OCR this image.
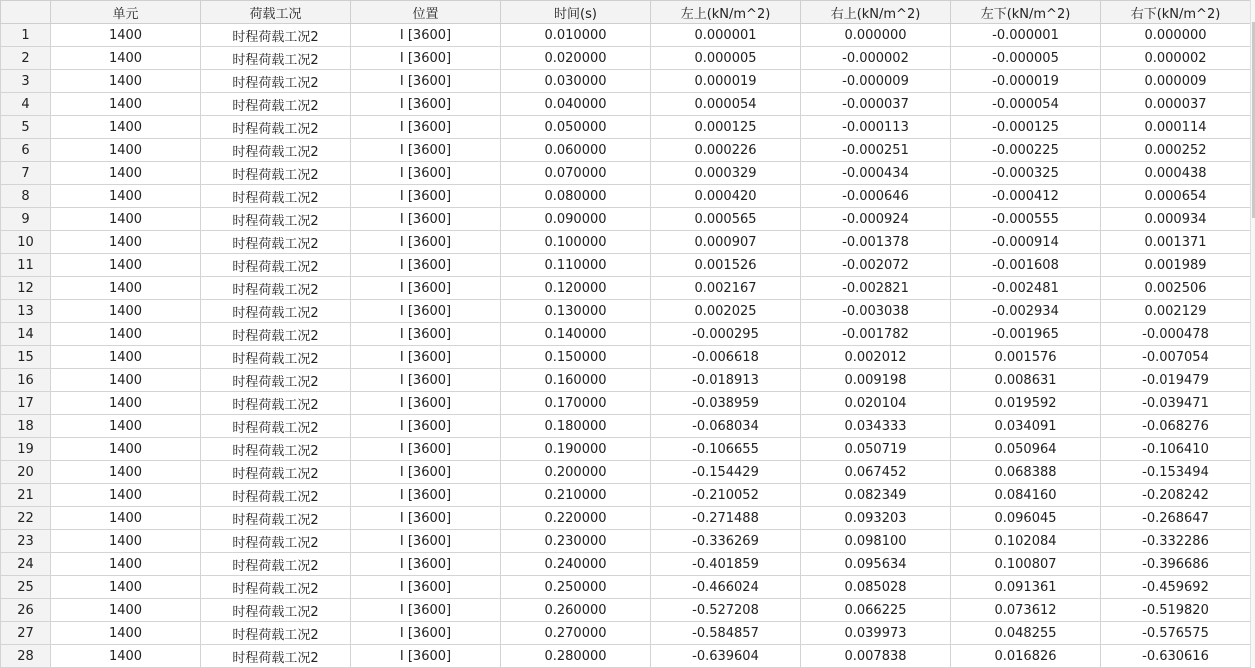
	单元	荷载工况	位置	时间(s)	左上(kN/m^2)	右上(kN/m^2)	左下(kN/m^2)	右下(kN/m^2)
1	1400	时程荷载工况2	I [3600]	0.010000	0.000001	0.000000	-0.000001	0.000000
2	1400	时程荷载工况2	I [3600]	0.020000	0.000005	-0.000002	-0.000005	0.000002
3	1400	时程荷载工况2	I [3600]	0.030000	0.000019	-0.000009	-0.000019	0.000009
4	1400	时程荷载工况2	I [3600]	0.040000	0.000054	-0.000037	-0.000054	0.000037
5	1400	时程荷载工况2	I [3600]	0.050000	0.000125	-0.000113	-0.000125	0.000114
6	1400	时程荷载工况2	I [3600]	0.060000	0.000226	-0.000251	-0.000225	0.000252
7	1400	时程荷载工况2	I [3600]	0.070000	0.000329	-0.000434	-0.000325	0.000438
8	1400	时程荷载工况2	I [3600]	0.080000	0.000420	-0.000646	-0.000412	0.000654
9	1400	时程荷载工况2	I [3600]	0.090000	0.000565	-0.000924	-0.000555	0.000934
10	1400	时程荷载工况2	I [3600]	0.100000	0.000907	-0.001378	-0.000914	0.001371
11	1400	时程荷载工况2	I [3600]	0.110000	0.001526	-0.002072	-0.001608	0.001989
12	1400	时程荷载工况2	I [3600]	0.120000	0.002167	-0.002821	-0.002481	0.002506
13	1400	时程荷载工况2	I [3600]	0.130000	0.002025	-0.003038	-0.002934	0.002129
14	1400	时程荷载工况2	I [3600]	0.140000	-0.000295	-0.001782	-0.001965	-0.000478
15	1400	时程荷载工况2	I [3600]	0.150000	-0.006618	0.002012	0.001576	-0.007054
16	1400	时程荷载工况2	I [3600]	0.160000	-0.018913	0.009198	0.008631	-0.019479
17	1400	时程荷载工况2	I [3600]	0.170000	-0.038959	0.020104	0.019592	-0.039471
18	1400	时程荷载工况2	I [3600]	0.180000	-0.068034	0.034333	0.034091	-0.068276
19	1400	时程荷载工况2	I [3600]	0.190000	-0.106655	0.050719	0.050964	-0.106410
20	1400	时程荷载工况2	I [3600]	0.200000	-0.154429	0.067452	0.068388	-0.153494
21	1400	时程荷载工况2	I [3600]	0.210000	-0.210052	0.082349	0.084160	-0.208242
22	1400	时程荷载工况2	I [3600]	0.220000	-0.271488	0.093203	0.096045	-0.268647
23	1400	时程荷载工况2	I [3600]	0.230000	-0.336269	0.098100	0.102084	-0.332286
24	1400	时程荷载工况2	I [3600]	0.240000	-0.401859	0.095634	0.100807	-0.396686
25	1400	时程荷载工况2	I [3600]	0.250000	-0.466024	0.085028	0.091361	-0.459692
26	1400	时程荷载工况2	I [3600]	0.260000	-0.527208	0.066225	0.073612	-0.519820
27	1400	时程荷载工况2	I [3600]	0.270000	-0.584857	0.039973	0.048255	-0.576575
28	1400	时程荷载工况2	I [3600]	0.280000	-0.639604	0.007838	0.016826	-0.630616
